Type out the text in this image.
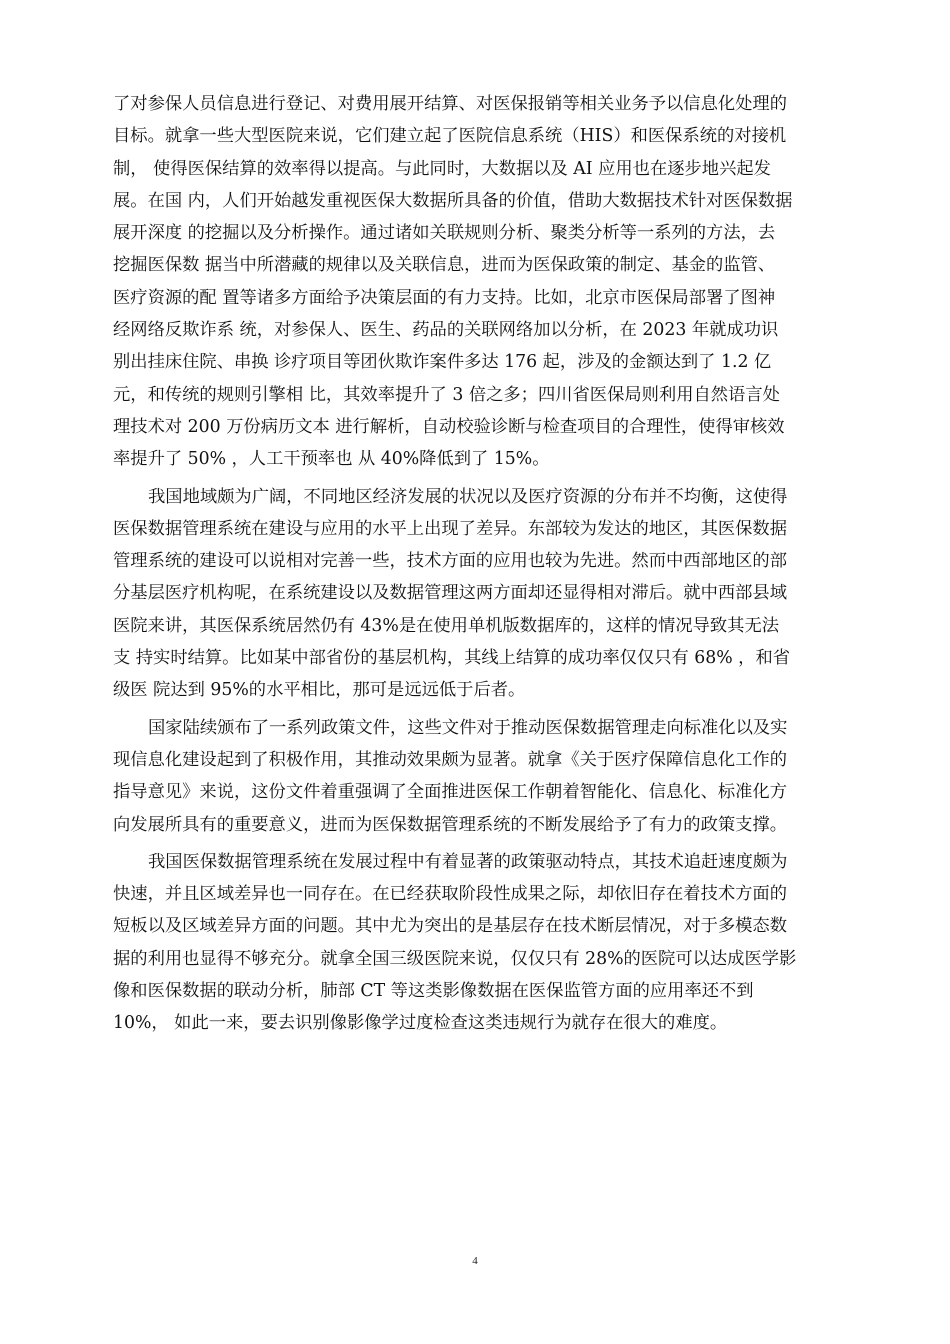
了对参保人员信息进行登记、对费用展开结算、对医保报销等相关业务予以信息化处理的
目标。就拿一些大型医院来说，它们建立起了医院信息系统（HIS）和医保系统的对接机
制， 使得医保结算的效率得以提高。与此同时，大数据以及 AI 应用也在逐步地兴起发
展。在国 内，人们开始越发重视医保大数据所具备的价值，借助大数据技术针对医保数据
展开深度 的挖掘以及分析操作。通过诸如关联规则分析、聚类分析等一系列的方法，去
挖掘医保数 据当中所潜藏的规律以及关联信息，进而为医保政策的制定、基金的监管、
医疗资源的配 置等诸多方面给予决策层面的有力支持。比如，北京市医保局部署了图神
经网络反欺诈系 统，对参保人、医生、药品的关联网络加以分析，在 2023 年就成功识
别出挂床住院、串换 诊疗项目等团伙欺诈案件多达 176 起，涉及的金额达到了 1.2 亿
元，和传统的规则引擎相 比，其效率提升了 3 倍之多；四川省医保局则利用自然语言处
理技术对 200 万份病历文本 进行解析，自动校验诊断与检查项目的合理性，使得审核效
率提升了 50% ，人工干预率也 从 40%降低到了 15%。
我国地域颇为广阔，不同地区经济发展的状况以及医疗资源的分布并不均衡，这使得
医保数据管理系统在建设与应用的水平上出现了差异。东部较为发达的地区，其医保数据
管理系统的建设可以说相对完善一些，技术方面的应用也较为先进。然而中西部地区的部
分基层医疗机构呢，在系统建设以及数据管理这两方面却还显得相对滞后。就中西部县域
医院来讲，其医保系统居然仍有 43%是在使用单机版数据库的，这样的情况导致其无法
支 持实时结算。比如某中部省份的基层机构，其线上结算的成功率仅仅只有 68% ，和省
级医 院达到 95%的水平相比，那可是远远低于后者。
国家陆续颁布了一系列政策文件，这些文件对于推动医保数据管理走向标准化以及实
现信息化建设起到了积极作用，其推动效果颇为显著。就拿《关于医疗保障信息化工作的
指导意见》来说，这份文件着重强调了全面推进医保工作朝着智能化、信息化、标准化方
向发展所具有的重要意义，进而为医保数据管理系统的不断发展给予了有力的政策支撑。
我国医保数据管理系统在发展过程中有着显著的政策驱动特点，其技术追赶速度颇为
快速，并且区域差异也一同存在。在已经获取阶段性成果之际，却依旧存在着技术方面的
短板以及区域差异方面的问题。其中尤为突出的是基层存在技术断层情况，对于多模态数
据的利用也显得不够充分。就拿全国三级医院来说，仅仅只有 28%的医院可以达成医学影
像和医保数据的联动分析，肺部 CT 等这类影像数据在医保监管方面的应用率还不到
10%， 如此一来，要去识别像影像学过度检查这类违规行为就存在很大的难度。
4
